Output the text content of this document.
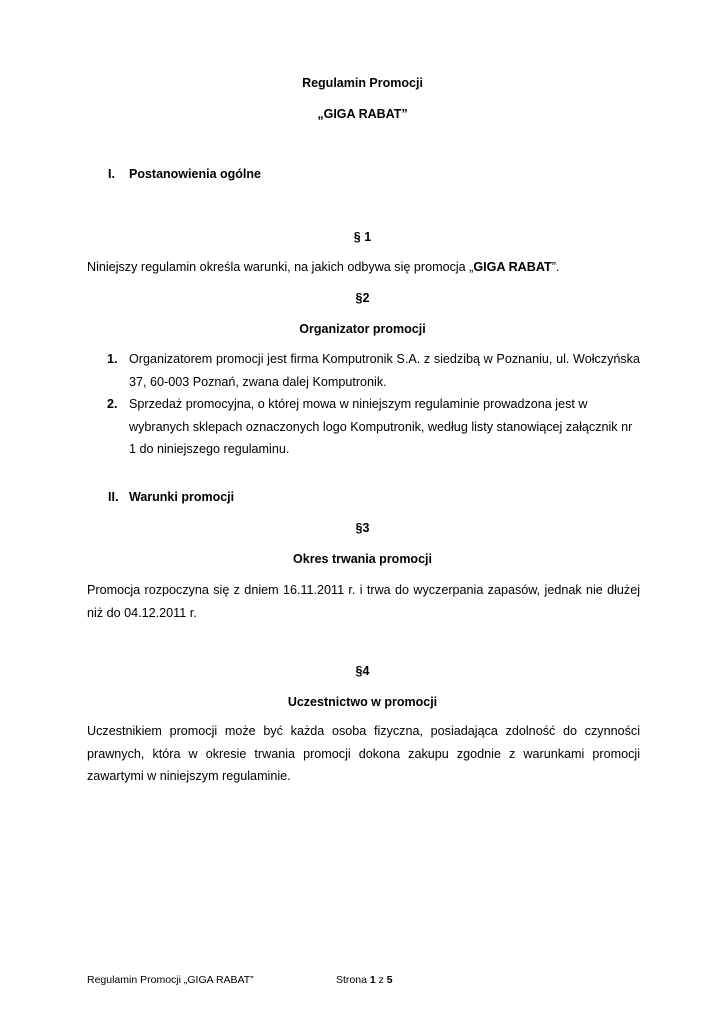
Regulamin Promocji
„GIGA RABAT”
I. Postanowienia ogólne
§ 1
Niniejszy regulamin określa warunki, na jakich odbywa się promocja „GIGA RABAT”.
§2
Organizator promocji
1. Organizatorem promocji jest firma Komputronik S.A. z siedzibą w Poznaniu, ul. Wołczyńska 37, 60-003 Poznań, zwana dalej Komputronik.
2. Sprzedaż promocyjna, o której mowa w niniejszym regulaminie prowadzona jest w wybranych sklepach oznaczonych logo Komputronik, według listy stanowiącej załącznik nr 1 do niniejszego regulaminu.
II. Warunki promocji
§3
Okres trwania promocji
Promocja rozpoczyna się z dniem 16.11.2011 r. i trwa do wyczerpania zapasów, jednak nie dłużej niż do 04.12.2011 r.
§4
Uczestnictwo w promocji
Uczestnikiem promocji może być każda osoba fizyczna, posiadająca zdolność do czynności prawnych, która w okresie trwania promocji dokona zakupu zgodnie z warunkami promocji zawartymi w niniejszym regulaminie.
Regulamin Promocji „GIGA RABAT”	Strona 1 z 5
